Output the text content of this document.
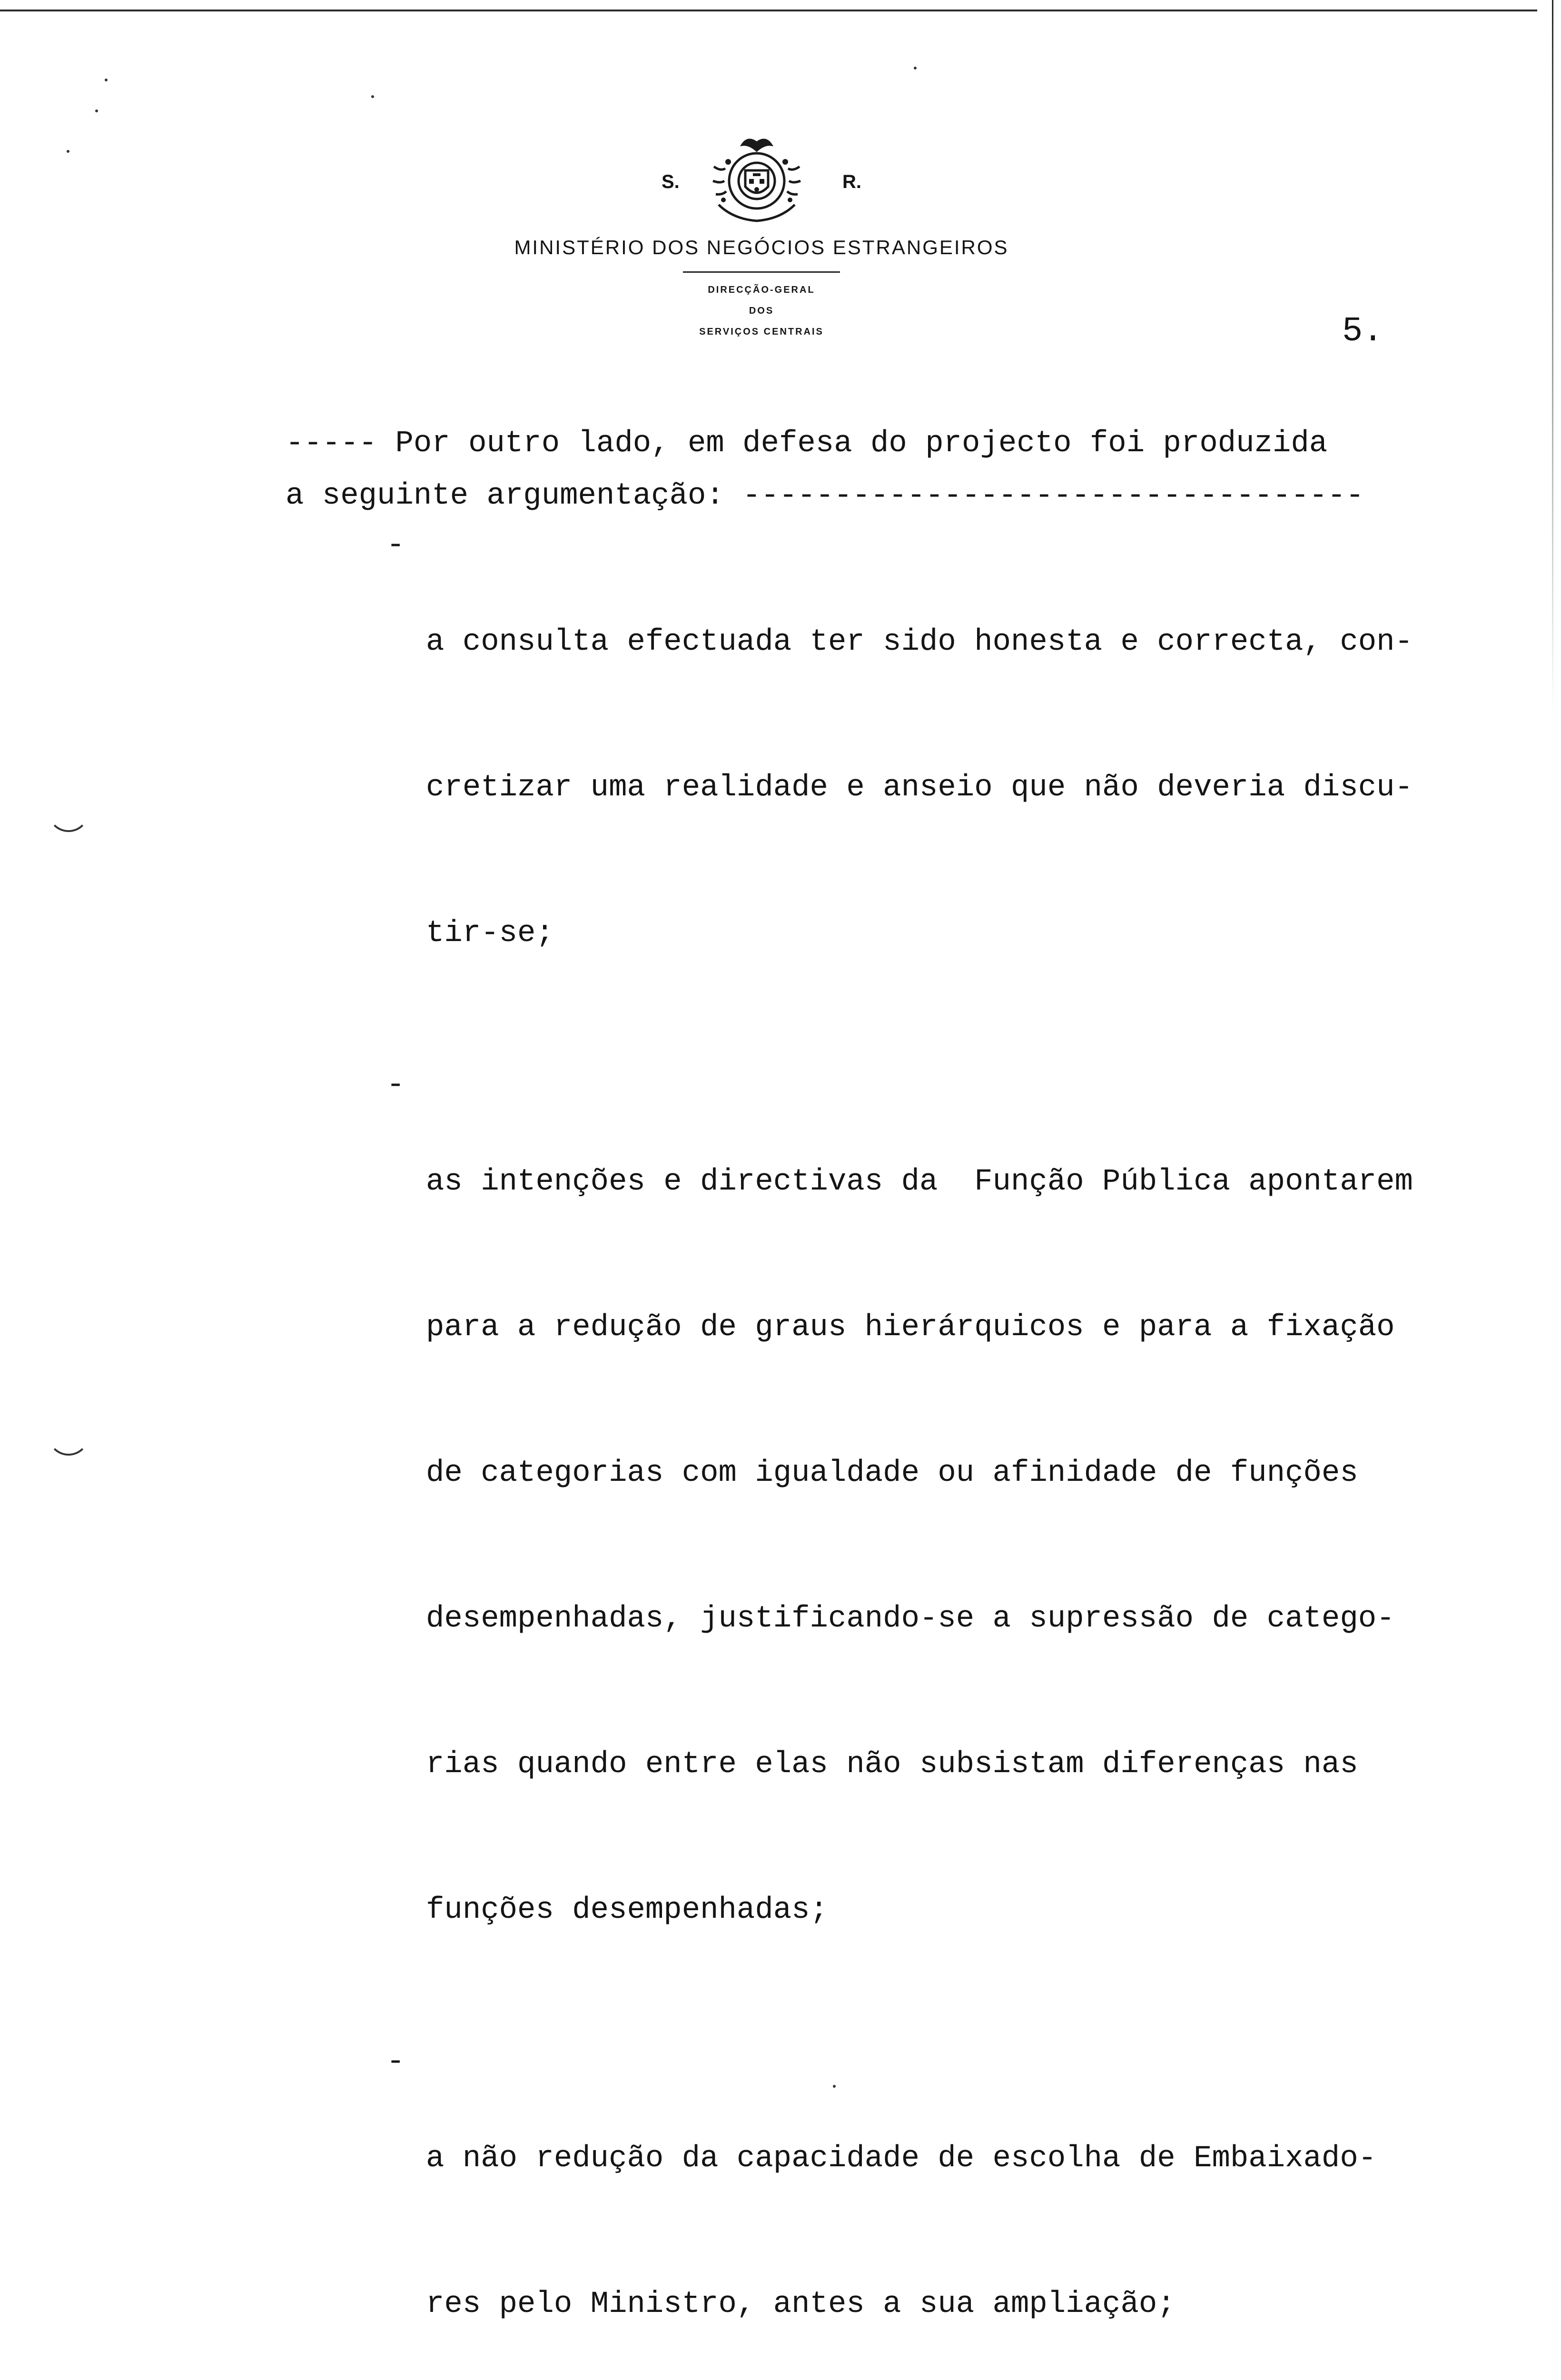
S.	R.
MINISTÉRIO DOS NEGÓCIOS ESTRANGEIROS
DIRECÇÃO-GERAL
DOS
SERVIÇOS CENTRAIS	5.

----- Por outro lado, em defesa do projecto foi produzida

a seguinte argumentação: ----------------------------------

-

a consulta efectuada ter sido honesta e correcta, con-

cretizar uma realidade e anseio que não deveria discu-

tir-se;

-

as intenções e directivas da  Função Pública apontarem

para a redução de graus hierárquicos e para a fixação

de categorias com igualdade ou afinidade de funções

desempenhadas, justificando-se a supressão de catego-

rias quando entre elas não subsistam diferenças nas

funções desempenhadas;

-

a não redução da capacidade de escolha de Embaixado-

res pelo Ministro, antes a sua ampliação;
